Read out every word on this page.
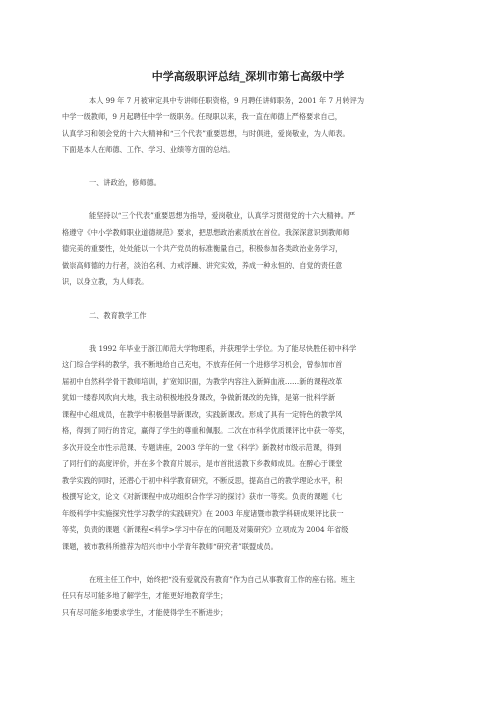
中学高级职评总结_深圳市第七高级中学
本人 99 年 7 月被审定具中专讲师任职资格，9 月聘任讲师职务，2001 年 7 月转评为
中学一级教师，9 月起聘任中学一级职务。任现职以来，我一直在师德上严格要求自己，
认真学习和领会党的十六大精神和“三个代表”重要思想，与时俱进，爱岗敬业，为人师表。
下面是本人在师德、工作、学习、业绩等方面的总结。
一、讲政治，修师德。
能坚持以“三个代表”重要思想为指导，爱岗敬业，认真学习贯彻党的十六大精神。严
格遵守《中小学教师职业道德规范》要求，把思想政治素质放在首位。我深深意识到教师师
德完美的重要性，处处能以一个共产党员的标准衡量自己，积极参加各类政治业务学习，
做崇高师德的力行者，淡泊名利、力戒浮躁、讲究实效，养成一种永恒的、自觉的责任意
识，以身立教，为人师表。
二、教育教学工作
我 1992 年毕业于浙江师范大学物理系，并获理学士学位。为了能尽快胜任初中科学
这门综合学科的教学，我不断地给自己充电，不放弃任何一个进修学习机会，曾参加市首
届初中自然科学骨干教师培训，扩宽知识面，为教学内容注入新鲜血液……新的课程改革
犹如一缕春风吹向大地，我主动积极地投身课改，争做新课改的先锋，是第一批科学新
课程中心组成员，在教学中积极倡导新课改，实践新课改。形成了具有一定特色的教学风
格，得到了同行的肯定，赢得了学生的尊重和佩服。二次在市科学优质课评比中获一等奖，
多次开设全市性示范课、专题讲座，2003 学年的一堂《科学》新教材市级示范课，得到
了同行们的高度评价，并在多个教育片展示，是市首批送教下乡教师成员。在醉心于课堂
教学实践的同时，还潜心于初中科学教育研究，不断反思，提高自己的教学理论水平，积
极撰写论文，论文《对新课程中成功组织合作学习的探讨》获市一等奖。负责的课题《七
年级科学中实施探究性学习教学的实践研究》在 2003 年度诸暨市教学科研成果评比获一
等奖，负责的课题《新课程<科学>学习中存在的问题及对策研究》立项成为 2004 年省级
课题，被市教科所推荐为绍兴市中小学青年教师“研究者”联盟成员。
在班主任工作中，始终把“没有爱就没有教育”作为自己从事教育工作的座右铭。班主
任只有尽可能多地了解学生，才能更好地教育学生；
只有尽可能多地要求学生，才能使得学生不断进步；
